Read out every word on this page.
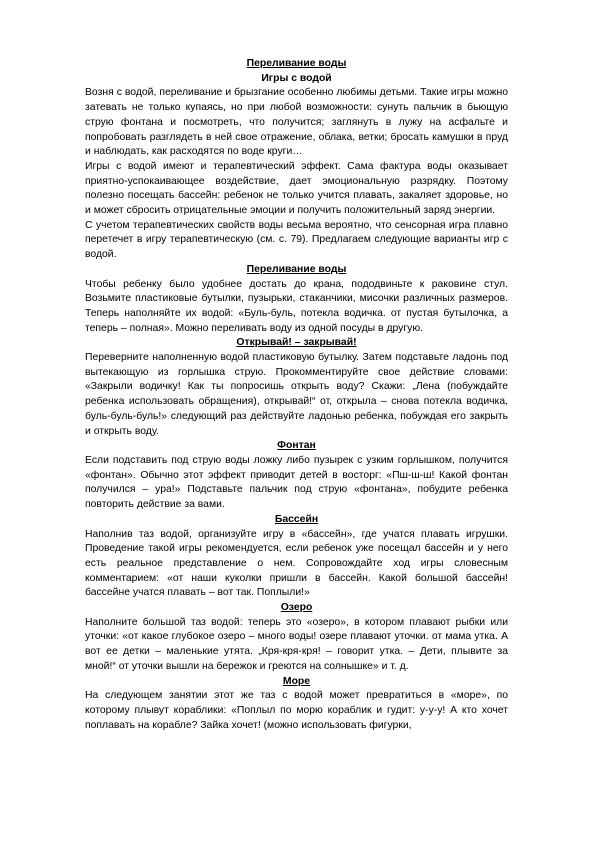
Переливание воды
Игры с водой

Возня с водой, переливание и брызгание особенно любимы детьми. Такие игры можно затевать не только купаясь, но при любой возможности: сунуть пальчик в бьющую струю фонтана и посмотреть, что получится; заглянуть в лужу на асфальте и попробовать разглядеть в ней свое отражение, облака, ветки; бросать камушки в пруд и наблюдать, как расходятся по воде круги…

Игры с водой имеют и терапевтический эффект. Сама фактура воды оказывает приятно-успокаивающее воздействие, дает эмоциональную разрядку. Поэтому полезно посещать бассейн: ребенок не только учится плавать, закаляет здоровье, но и может сбросить отрицательные эмоции и получить положительный заряд энергии.

С учетом терапевтических свойств воды весьма вероятно, что сенсорная игра плавно перетечет в игру терапевтическую (см. с. 79). Предлагаем следующие варианты игр с водой.

Переливание воды

Чтобы ребенку было удобнее достать до крана, пододвиньте к раковине стул. Возьмите пластиковые бутылки, пузырьки, стаканчики, мисочки различных размеров. Теперь наполняйте их водой: «Буль-буль, потекла водичка. от пустая бутылочка, а теперь – полная». Можно переливать воду из одной посуды в другую.

Открывай! – закрывай!

Переверните наполненную водой пластиковую бутылку. Затем подставьте ладонь под вытекающую из горлышка струю. Прокомментируйте свое действие словами: «Закрыли водичку! Как ты попросишь открыть воду? Скажи: „Лена (побуждайте ребенка использовать обращения), открывай!“ от, открыла – снова потекла водичка, буль-буль-буль!» следующий раз действуйте ладонью ребенка, побуждая его закрыть и открыть воду.

Фонтан

Если подставить под струю воды ложку либо пузырек с узким горлышком, получится «фонтан». Обычно этот эффект приводит детей в восторг: «Пш-ш-ш! Какой фонтан получился – ура!» Подставьте пальчик под струю «фонтана», побудите ребенка повторить действие за вами.

Бассейн

Наполнив таз водой, организуйте игру в «бассейн», где учатся плавать игрушки. Проведение такой игры рекомендуется, если ребенок уже посещал бассейн и у него есть реальное представление о нем. Сопровождайте ход игры словесным комментарием: «от наши куколки пришли в бассейн. Какой большой бассейн! бассейне учатся плавать – вот так. Поплыли!»

Озеро

Наполните большой таз водой: теперь это «озеро», в котором плавают рыбки или уточки: «от какое глубокое озеро – много воды! озере плавают уточки. от мама утка. А вот ее детки – маленькие утята. „Кря-кря-кря! – говорит утка. – Дети, плывите за мной!“ от уточки вышли на бережок и греются на солнышке» и т. д.

Море

На следующем занятии этот же таз с водой может превратиться в «море», по которому плывут кораблики: «Поплыл по морю кораблик и гудит: у-у-у! А кто хочет поплавать на корабле? Зайка хочет! (можно использовать фигурки,
